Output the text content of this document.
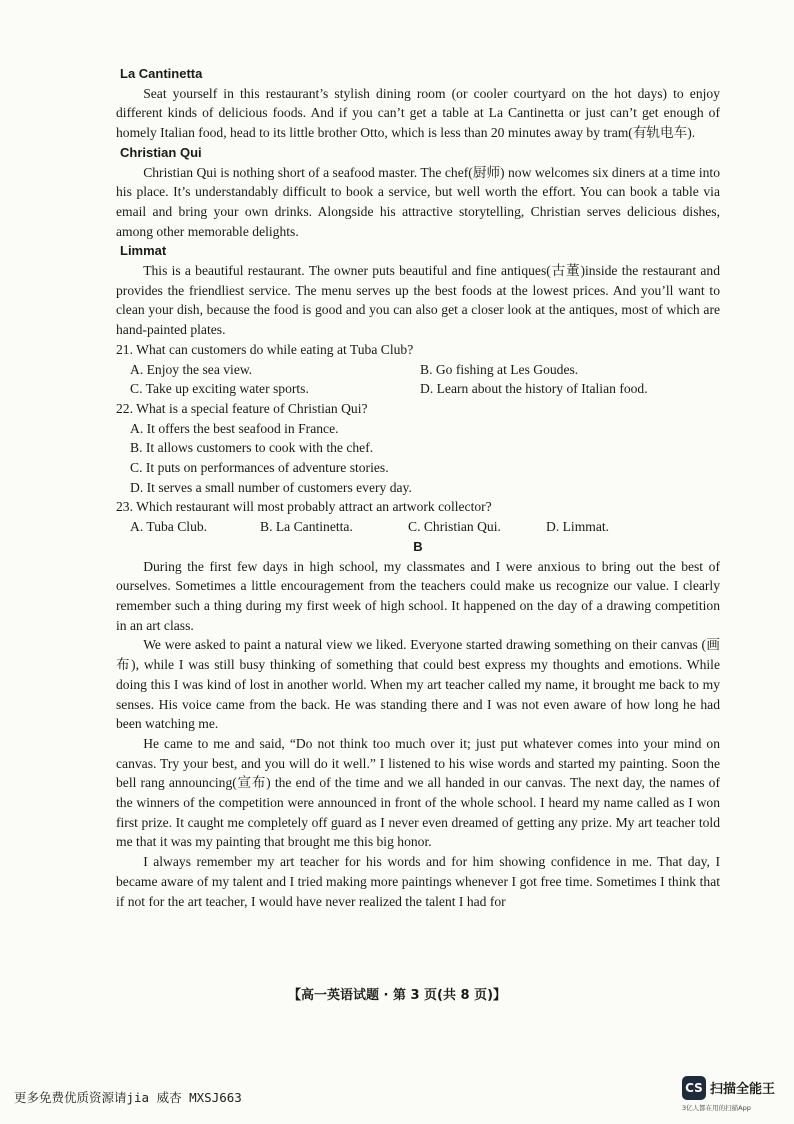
La Cantinetta

Seat yourself in this restaurant’s stylish dining room (or cooler courtyard on the hot days) to enjoy different kinds of delicious foods. And if you can’t get a table at La Cantinetta or just can’t get enough of homely Italian food, head to its little brother Otto, which is less than 20 minutes away by tram(有轨电车).

Christian Qui

Christian Qui is nothing short of a seafood master. The chef(厨师) now welcomes six diners at a time into his place. It’s understandably difficult to book a service, but well worth the effort. You can book a table via email and bring your own drinks. Alongside his attractive storytelling, Christian serves delicious dishes, among other memorable delights.

Limmat

This is a beautiful restaurant. The owner puts beautiful and fine antiques(古董)inside the restaurant and provides the friendliest service. The menu serves up the best foods at the lowest prices. And you’ll want to clean your dish, because the food is good and you can also get a closer look at the antiques, most of which are hand-painted plates.

21. What can customers do while eating at Tuba Club?

A. Enjoy the sea view.	B. Go fishing at Les Goudes.
C. Take up exciting water sports.	D. Learn about the history of Italian food.

22. What is a special feature of Christian Qui?

A. It offers the best seafood in France.
B. It allows customers to cook with the chef.
C. It puts on performances of adventure stories.
D. It serves a small number of customers every day.

23. Which restaurant will most probably attract an artwork collector?

A. Tuba Club.	B. La Cantinetta.	C. Christian Qui.	D. Limmat.
B

During the first few days in high school, my classmates and I were anxious to bring out the best of ourselves. Sometimes a little encouragement from the teachers could make us recognize our value. I clearly remember such a thing during my first week of high school. It happened on the day of a drawing competition in an art class.

We were asked to paint a natural view we liked. Everyone started drawing something on their canvas (画布), while I was still busy thinking of something that could best express my thoughts and emotions. While doing this I was kind of lost in another world. When my art teacher called my name, it brought me back to my senses. His voice came from the back. He was standing there and I was not even aware of how long he had been watching me.

He came to me and said, “Do not think too much over it; just put whatever comes into your mind on canvas. Try your best, and you will do it well.” I listened to his wise words and started my painting. Soon the bell rang announcing(宣布) the end of the time and we all handed in our canvas. The next day, the names of the winners of the competition were announced in front of the whole school. I heard my name called as I won first prize. It caught me completely off guard as I never even dreamed of getting any prize. My art teacher told me that it was my painting that brought me this big honor.

I always remember my art teacher for his words and for him showing confidence in me. That day, I became aware of my talent and I tried making more paintings whenever I got free time. Sometimes I think that if not for the art teacher, I would have never realized the talent I had for

【高一英语试题 · 第 3 页(共 8 页)】
更多免费优质资源请jia 威杏 MXSJ663
CS 扫描全能王
3亿人都在用的扫描App
